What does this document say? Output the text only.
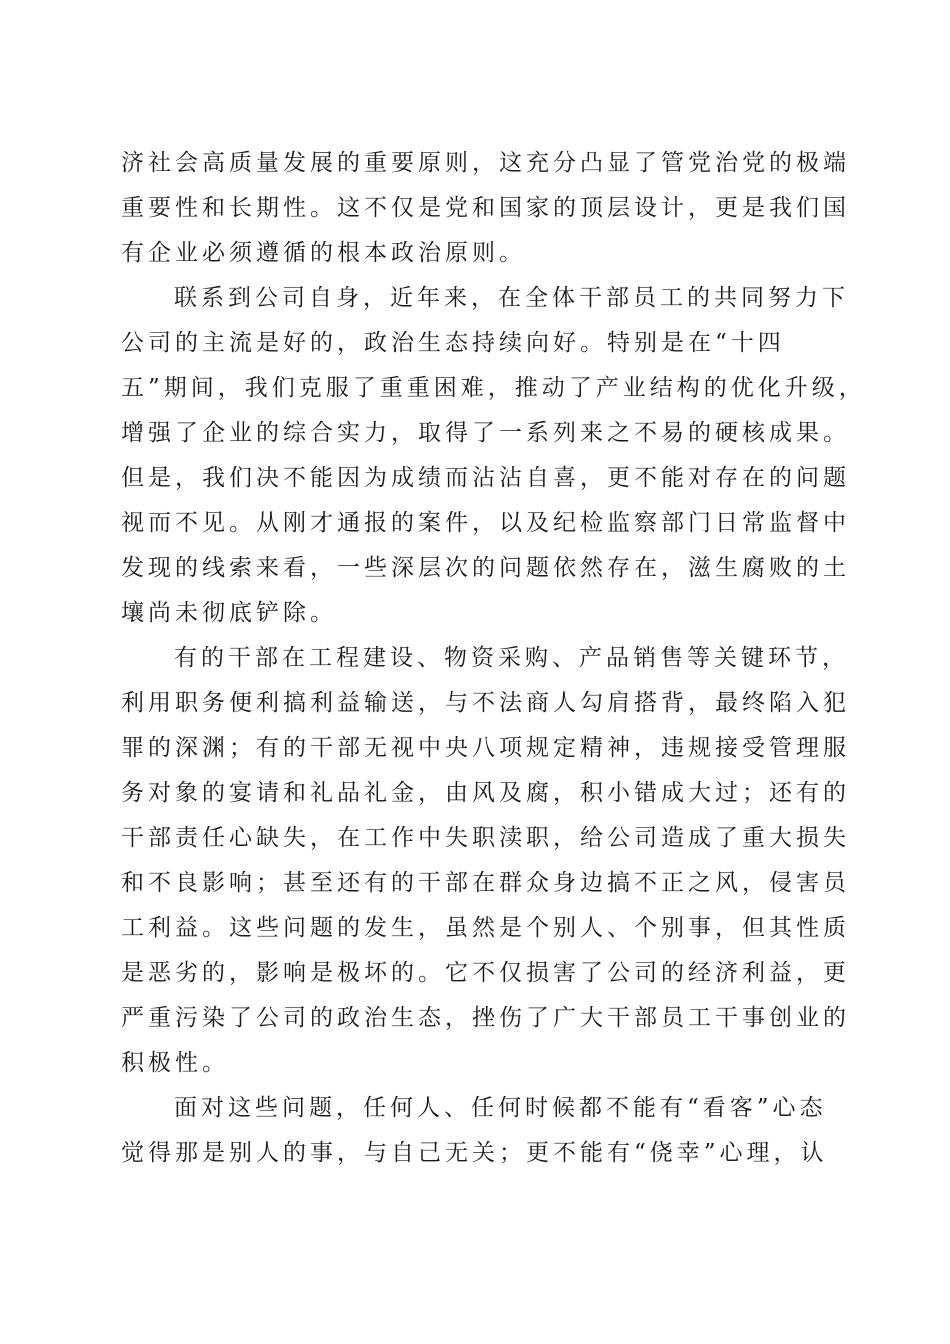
济社会高质量发展的重要原则，这充分凸显了管党治党的极端
重要性和长期性。这不仅是党和国家的顶层设计，更是我们国
有企业必须遵循的根本政治原则。
联系到公司自身，近年来，在全体干部员工的共同努力下
公司的主流是好的，政治生态持续向好。特别是在“十四
五”期间，我们克服了重重困难，推动了产业结构的优化升级，
增强了企业的综合实力，取得了一系列来之不易的硬核成果。
但是，我们决不能因为成绩而沾沾自喜，更不能对存在的问题
视而不见。从刚才通报的案件，以及纪检监察部门日常监督中
发现的线索来看，一些深层次的问题依然存在，滋生腐败的土
壤尚未彻底铲除。
有的干部在工程建设、物资采购、产品销售等关键环节，
利用职务便利搞利益输送，与不法商人勾肩搭背，最终陷入犯
罪的深渊；有的干部无视中央八项规定精神，违规接受管理服
务对象的宴请和礼品礼金，由风及腐，积小错成大过；还有的
干部责任心缺失，在工作中失职渎职，给公司造成了重大损失
和不良影响；甚至还有的干部在群众身边搞不正之风，侵害员
工利益。这些问题的发生，虽然是个别人、个别事，但其性质
是恶劣的，影响是极坏的。它不仅损害了公司的经济利益，更
严重污染了公司的政治生态，挫伤了广大干部员工干事创业的
积极性。
面对这些问题，任何人、任何时候都不能有“看客”心态
觉得那是别人的事，与自己无关；更不能有“侥幸”心理，认
